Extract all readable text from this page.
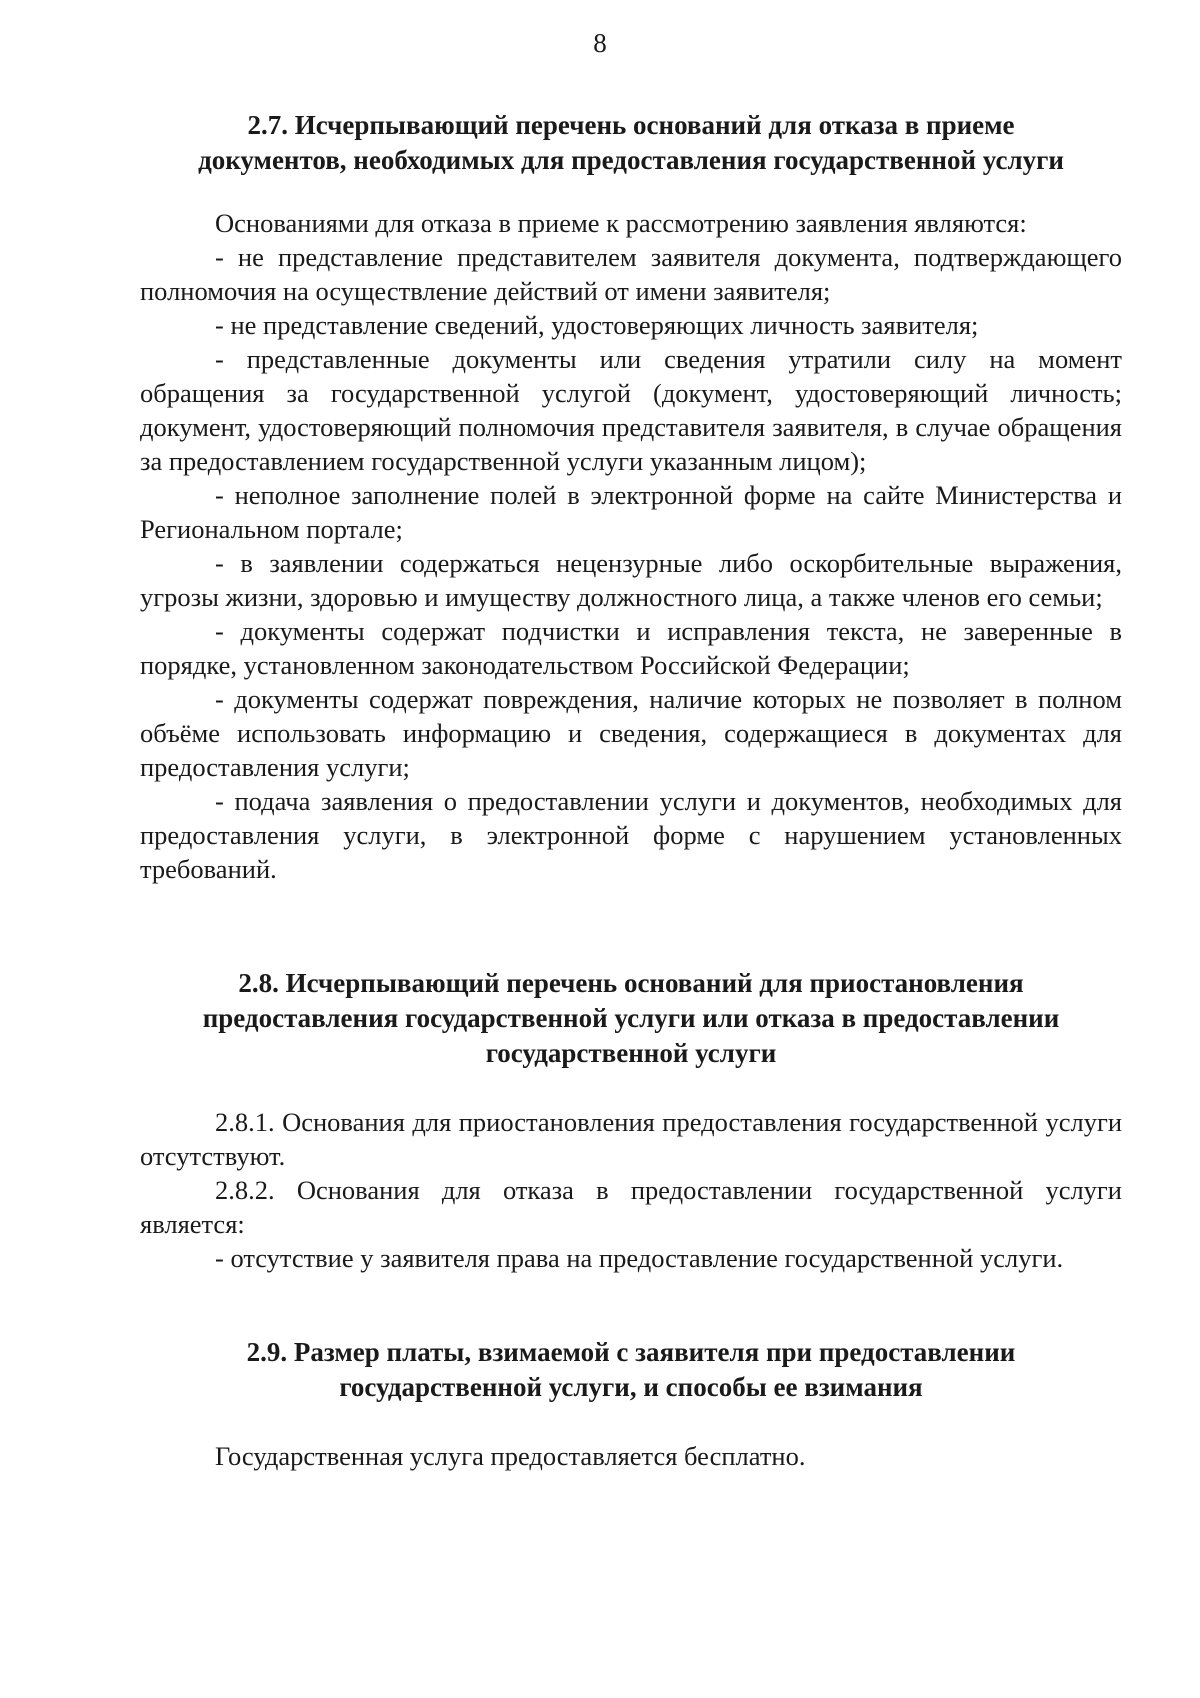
8
2.7. Исчерпывающий перечень оснований для отказа в приеме
документов, необходимых для предоставления государственной услуги

Основаниями для отказа в приеме к рассмотрению заявления являются:

- не представление представителем заявителя документа, подтверждающего полномочия на осуществление действий от имени заявителя;

- не представление сведений, удостоверяющих личность заявителя;

- представленные документы или сведения утратили силу на момент обращения за государственной услугой (документ, удостоверяющий личность; документ, удостоверяющий полномочия представителя заявителя, в случае обращения за предоставлением государственной услуги указанным лицом);

- неполное заполнение полей в электронной форме на сайте Министерства и Региональном портале;

- в заявлении содержаться нецензурные либо оскорбительные выражения, угрозы жизни, здоровью и имуществу должностного лица, а также членов его семьи;

- документы содержат подчистки и исправления текста, не заверенные в порядке, установленном законодательством Российской Федерации;

- документы содержат повреждения, наличие которых не позволяет в полном объёме использовать информацию и сведения, содержащиеся в документах для предоставления услуги;

- подача заявления о предоставлении услуги и документов, необходимых для предоставления услуги, в электронной форме с нарушением установленных требований.

2.8. Исчерпывающий перечень оснований для приостановления
предоставления государственной услуги или отказа в предоставлении
государственной услуги

2.8.1. Основания для приостановления предоставления государственной услуги отсутствуют.

2.8.2. Основания для отказа в предоставлении государственной услуги является:

- отсутствие у заявителя права на предоставление государственной услуги.

2.9. Размер платы, взимаемой с заявителя при предоставлении
государственной услуги, и способы ее взимания

Государственная услуга предоставляется бесплатно.
